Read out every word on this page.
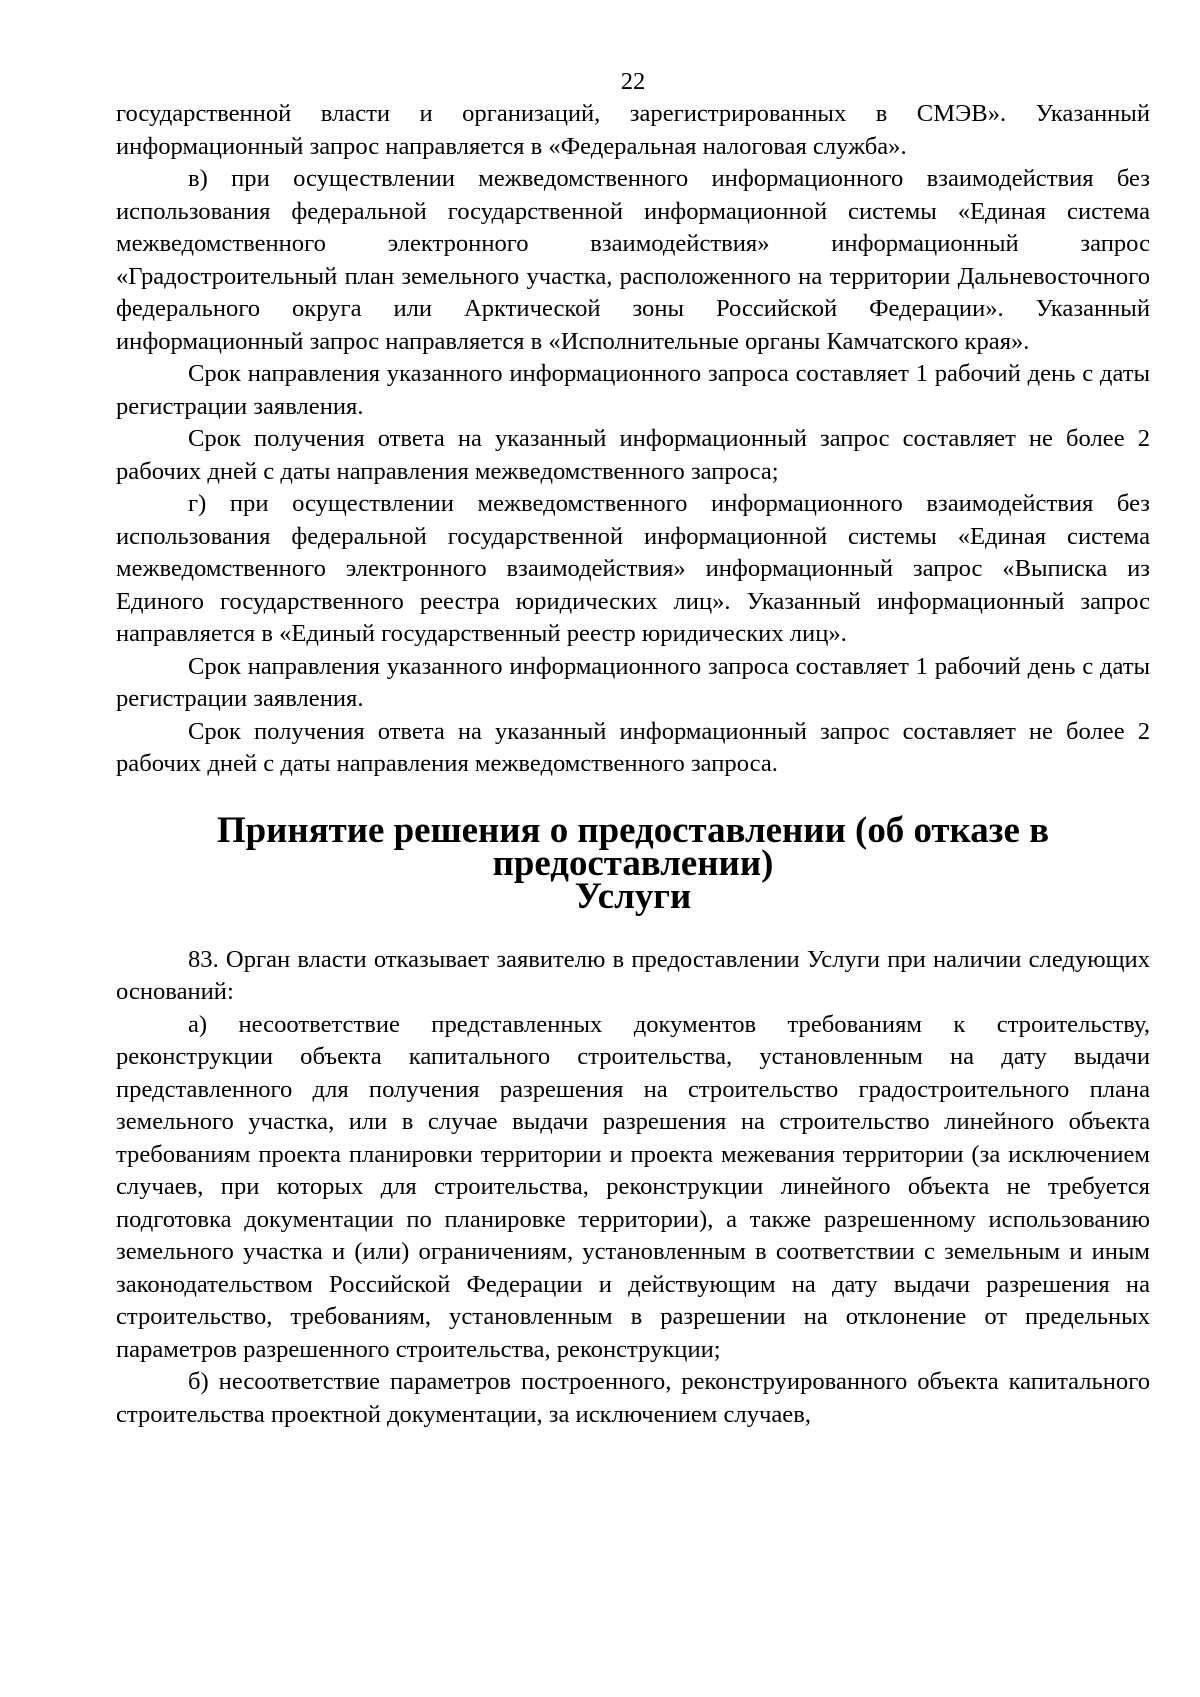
22

государственной власти и организаций, зарегистрированных в СМЭВ». Указанный информационный запрос направляется в «Федеральная налоговая служба».

в) при осуществлении межведомственного информационного взаимодействия без использования федеральной государственной информационной системы «Единая система межведомственного электронного взаимодействия» информационный запрос «Градостроительный план земельного участка, расположенного на территории Дальневосточного федерального округа или Арктической зоны Российской Федерации». Указанный информационный запрос направляется в «Исполнительные органы Камчатского края».

Срок направления указанного информационного запроса составляет 1 рабочий день с даты регистрации заявления.

Срок получения ответа на указанный информационный запрос составляет не более 2 рабочих дней с даты направления межведомственного запроса;

г) при осуществлении межведомственного информационного взаимодействия без использования федеральной государственной информационной системы «Единая система межведомственного электронного взаимодействия» информационный запрос «Выписка из Единого государственного реестра юридических лиц». Указанный информационный запрос направляется в «Единый государственный реестр юридических лиц».

Срок направления указанного информационного запроса составляет 1 рабочий день с даты регистрации заявления.

Срок получения ответа на указанный информационный запрос составляет не более 2 рабочих дней с даты направления межведомственного запроса.

Принятие решения о предоставлении (об отказе в предоставлении)
Услуги

83. Орган власти отказывает заявителю в предоставлении Услуги при наличии следующих оснований:

а) несоответствие представленных документов требованиям к строительству, реконструкции объекта капитального строительства, установленным на дату выдачи представленного для получения разрешения на строительство градостроительного плана земельного участка, или в случае выдачи разрешения на строительство линейного объекта требованиям проекта планировки территории и проекта межевания территории (за исключением случаев, при которых для строительства, реконструкции линейного объекта не требуется подготовка документации по планировке территории), а также разрешенному использованию земельного участка и (или) ограничениям, установленным в соответствии с земельным и иным законодательством Российской Федерации и действующим на дату выдачи разрешения на строительство, требованиям, установленным в разрешении на отклонение от предельных параметров разрешенного строительства, реконструкции;

б) несоответствие параметров построенного, реконструированного объекта капитального строительства проектной документации, за исключением случаев,
